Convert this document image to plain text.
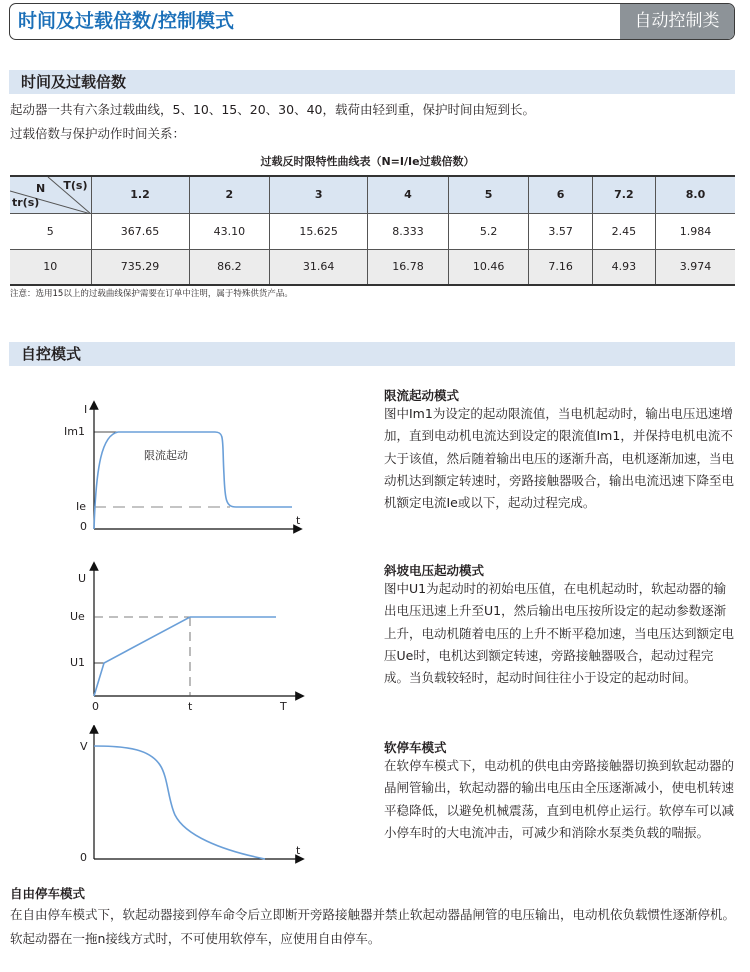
时间及过载倍数/控制模式	自动控制类
时间及过载倍数
起动器一共有六条过载曲线，5、10、15、20、30、40，载荷由轻到重，保护时间由短到长。
过载倍数与保护动作时间关系：
过载反时限特性曲线表（N=I/Ie过载倍数）
N T(s)
tr(s)	1.2	2	3	4	5	6	7.2	8.0
5	367.65	43.10	15.625	8.333	5.2	3.57	2.45	1.984
10	735.29	86.2	31.64	16.78	10.46	7.16	4.93	3.974
注意：选用15以上的过载曲线保护需要在订单中注明，属于特殊供货产品。
自控模式
I
Im1
Ie
0	t
限流起动
U
Ue
U1
0	t	T
V
0
t
限流起动模式
图中Im1为设定的起动限流值，当电机起动时，输出电压迅速增加，直到电动机电流达到设定的限流值Im1，并保持电机电流不大于该值，然后随着输出电压的逐渐升高，电机逐渐加速，当电动机达到额定转速时，旁路接触器吸合，输出电流迅速下降至电机额定电流Ie或以下，起动过程完成。
斜坡电压起动模式
图中U1为起动时的初始电压值，在电机起动时，软起动器的输出电压迅速上升至U1，然后输出电压按所设定的起动参数逐渐上升，电动机随着电压的上升不断平稳加速，当电压达到额定电压Ue时，电机达到额定转速，旁路接触器吸合，起动过程完成。当负载较轻时，起动时间往往小于设定的起动时间。
软停车模式
在软停车模式下，电动机的供电由旁路接触器切换到软起动器的晶闸管输出，软起动器的输出电压由全压逐渐减小，使电机转速平稳降低，以避免机械震荡，直到电机停止运行。软停车可以减小停车时的大电流冲击，可减少和消除水泵类负载的喘振。
自由停车模式
在自由停车模式下，软起动器接到停车命令后立即断开旁路接触器并禁止软起动器晶闸管的电压输出，电动机依负载惯性逐渐停机。软起动器在一拖n接线方式时，不可使用软停车，应使用自由停车。
